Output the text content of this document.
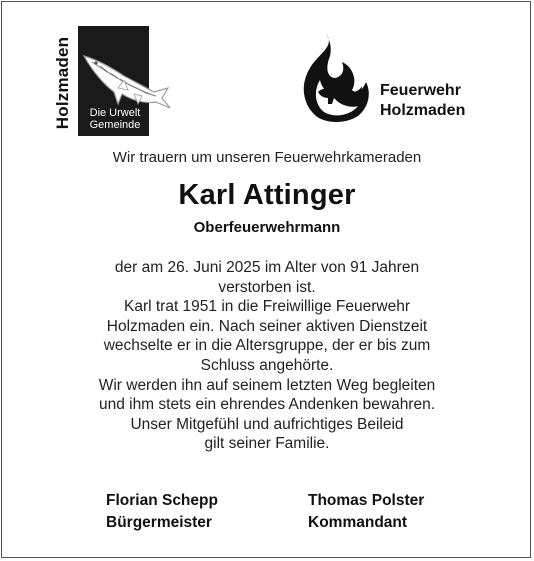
Holzmaden	Die Urwelt
Gemeinde
Feuerwehr
Holzmaden
Wir trauern um unseren Feuerwehrkameraden
Karl Attinger
Oberfeuerwehrmann
der am 26. Juni 2025 im Alter von 91 Jahren
verstorben ist.
Karl trat 1951 in die Freiwillige Feuerwehr
Holzmaden ein. Nach seiner aktiven Dienstzeit
wechselte er in die Altersgruppe, der er bis zum
Schluss angehörte.
Wir werden ihn auf seinem letzten Weg begleiten
und ihm stets ein ehrendes Andenken bewahren.
Unser Mitgefühl und aufrichtiges Beileid
gilt seiner Familie.
Florian Schepp
Bürgermeister
Thomas Polster
Kommandant
